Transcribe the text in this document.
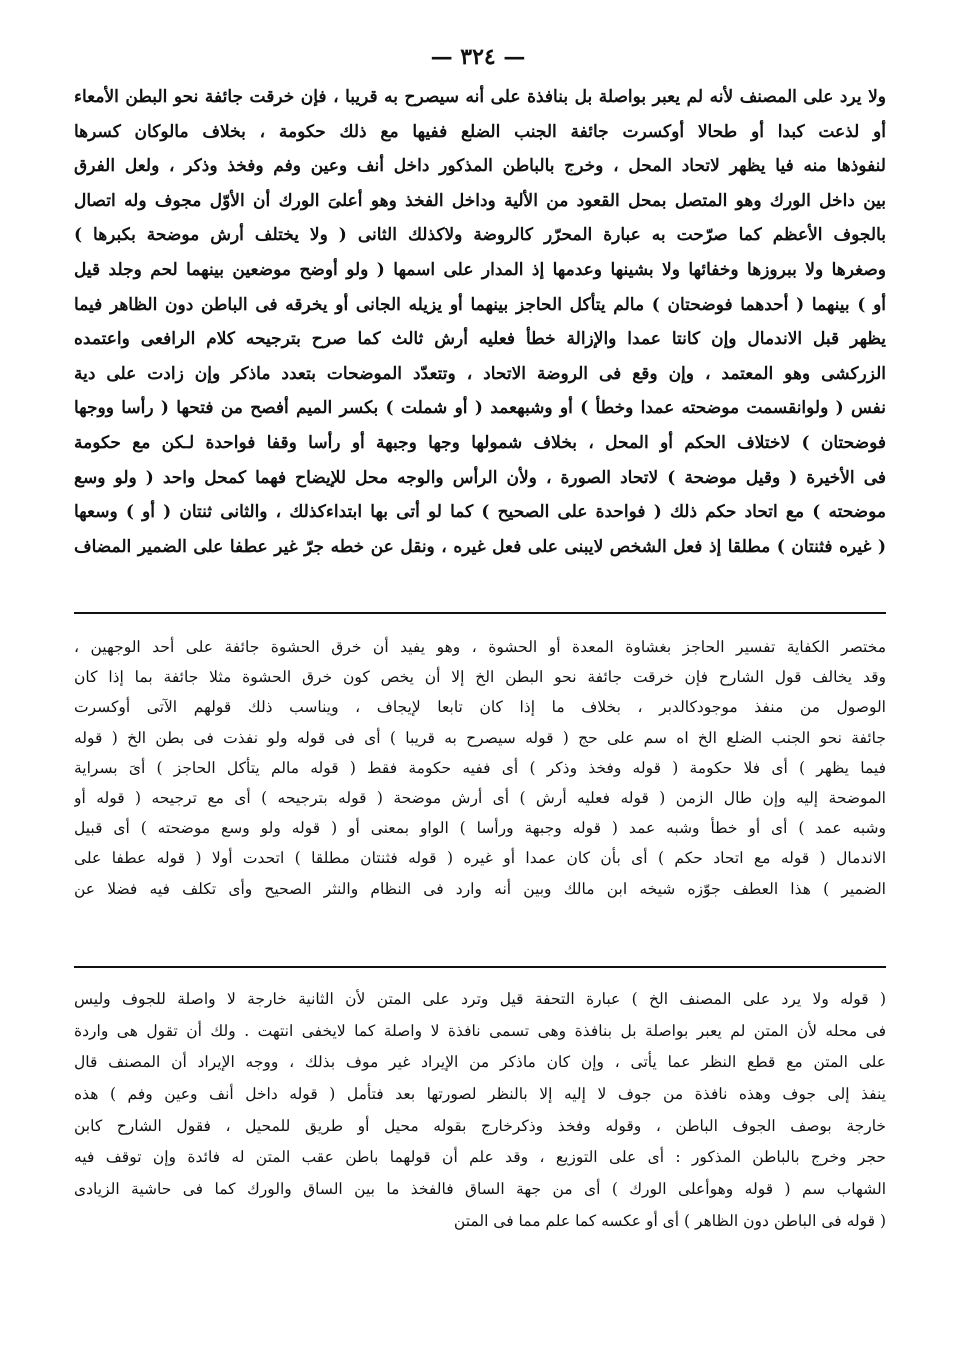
— ٣٢٤ —
ولا يرد على المصنف لأنه لم يعبر بواصلة بل بنافذة على أنه سيصرح به قريبا ، فإن خرقت جائفة نحو البطن الأمعاء
أو لذعت كبدا أو طحالا أوكسرت جائفة الجنب الضلع ففيها مع ذلك حكومة ، بخلاف مالوكان كسرها
لنفوذها منه فيا يظهر لاتحاد المحل ، وخرج بالباطن المذكور داخل أنف وعين وفم وفخذ وذكر ، ولعل الفرق
بين داخل الورك وهو المتصل بمحل القعود من الألية وداخل الفخذ وهو أعلىَ الورك أن الأوّل مجوف وله اتصال
بالجوف الأعظم كما صرّحت به عبارة المحرّر كالروضة ولاكذلك الثانى ( ولا يختلف أرش موضحة بكبرها )
وصغرها ولا ببروزها وخفائها ولا بشينها وعدمها إذ المدار على اسمها ( ولو أوضح موضعين بينهما لحم وجلد قيل
أو ) بينهما ( أحدهما فوضحتان ) مالم يتأكل الحاجز بينهما أو يزيله الجانى أو يخرقه فى الباطن دون الظاهر فيما
يظهر قبل الاندمال وإن كانتا عمدا والإزالة خطأ فعليه أرش ثالث كما صرح بترجيحه كلام الرافعى واعتمده
الزركشى وهو المعتمد ، وإن وقع فى الروضة الاتحاد ، وتتعدّد الموضحات بتعدد ماذكر وإن زادت على دية
نفس ( ولوانقسمت موضحته عمدا وخطأ ) أو وشبهعمد ( أو شملت ) بكسر الميم أفصح من فتحها ( رأسا ووجها
فوضحتان ) لاختلاف الحكم أو المحل ، بخلاف شمولها وجها وجبهة أو رأسا وقفا فواحدة لـكن مع حكومة
فى الأخيرة ( وقيل موضحة ) لاتحاد الصورة ، ولأن الرأس والوجه محل للإيضاح فهما كمحل واحد ( ولو وسع
موضحته ) مع اتحاد حكم ذلك ( فواحدة على الصحيح ) كما لو أتى بها ابتداءكذلك ، والثانى ثنتان ( أو ) وسعها
( غيره فثنتان ) مطلقا إذ فعل الشخص لايبنى على فعل غيره ، ونقل عن خطه جرّ غير عطفا على الضمير المضاف
مختصر الكفاية تفسير الحاجز بغشاوة المعدة أو الحشوة ، وهو يفيد أن خرق الحشوة جائفة على أحد الوجهين ،
وقد يخالف قول الشارح فإن خرقت جائفة نحو البطن الخ إلا أن يخص كون خرق الحشوة مثلا جائفة بما إذا كان
الوصول من منفذ موجودكالدبر ، بخلاف ما إذا كان تابعا لإيجاف ، ويناسب ذلك قولهم الآتى أوكسرت
جائفة نحو الجنب الضلع الخ اه سم على حج ( قوله سيصرح به قريبا ) أى فى قوله ولو نفذت فى بطن الخ ( قوله
فيما يظهر ) أى فلا حكومة ( قوله وفخذ وذكر ) أى ففيه حكومة فقط ( قوله مالم يتأكل الحاجز ) أىَ بسراية
الموضحة إليه وإن طال الزمن ( قوله فعليه أرش ) أى أرش موضحة ( قوله بترجيحه ) أى مع ترجيحه ( قوله أو
وشبه عمد ) أى أو خطأ وشبه عمد ( قوله وجبهة ورأسا ) الواو بمعنى أو ( قوله ولو وسع موضحته ) أى قبيل
الاندمال ( قوله مع اتحاد حكم ) أى بأن كان عمدا أو غيره ( قوله فثنتان مطلقا ) اتحدت أولا ( قوله عطفا على
الضمير ) هذا العطف جوّزه شيخه ابن مالك وبين أنه وارد فى النظام والنثر الصحيح وأى تكلف فيه فضلا عن
( قوله ولا يرد على المصنف الخ ) عبارة التحفة قيل وترد على المتن لأن الثانية خارجة لا واصلة للجوف وليس
فى محله لأن المتن لم يعبر بواصلة بل بنافذة وهى تسمى نافذة لا واصلة كما لايخفى انتهت . ولك أن تقول هى واردة
على المتن مع قطع النظر عما يأتى ، وإن كان ماذكر من الإيراد غير موف بذلك ، ووجه الإيراد أن المصنف قال
ينفذ إلى جوف وهذه نافذة من جوف لا إليه إلا بالنظر لصورتها بعد فتأمل ( قوله داخل أنف وعين وفم ) هذه
خارجة بوصف الجوف الباطن ، وقوله وفخذ وذكرخارج بقوله محيل أو طريق للمحيل ، فقول الشارح كابن
حجر وخرج بالباطن المذكور : أى على التوزيع ، وقد علم أن قولهما باطن عقب المتن له فائدة وإن توقف فيه
الشهاب سم ( قوله وهوأعلى الورك ) أى من جهة الساق فالفخذ ما بين الساق والورك كما فى حاشية الزيادى
( قوله فى الباطن دون الظاهر ) أى أو عكسه كما علم مما فى المتن
